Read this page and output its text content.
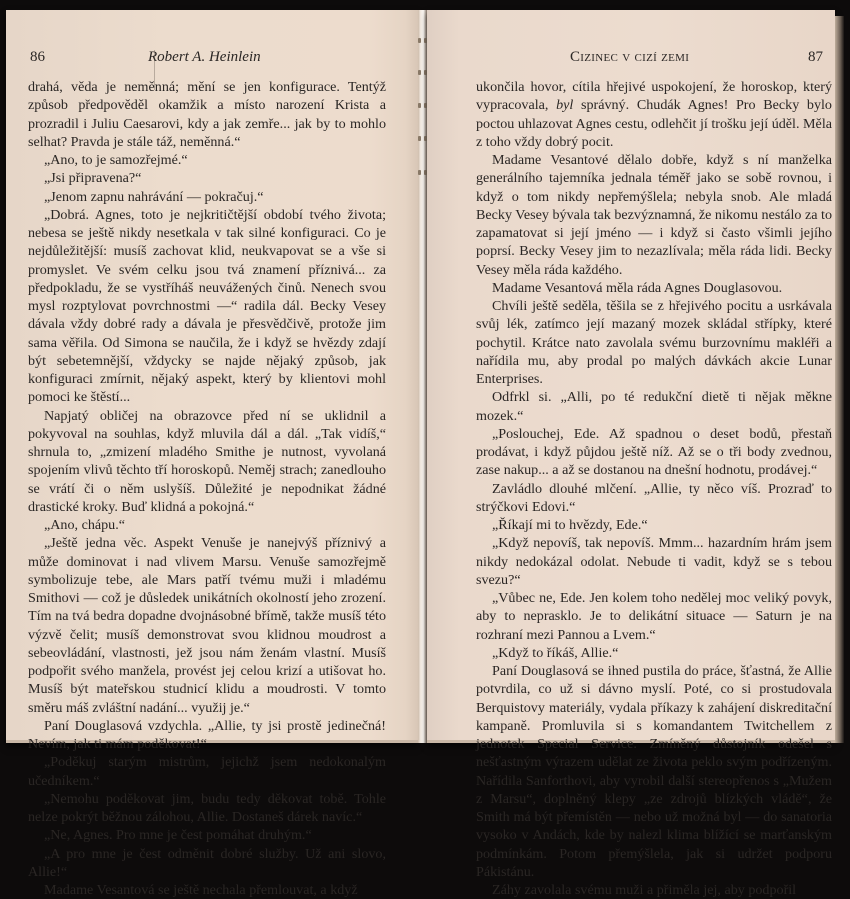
86	Robert A. Heinlein

drahá, věda je neměnná; mění se jen konfigurace. Tentýž způsob předpověděl okamžik a místo narození Krista a prozradil i Juliu Caesarovi, kdy a jak zemře... jak by to mohlo selhat? Pravda je stále táž, neměnná.“

„Ano, to je samozřejmé.“

„Jsi připravena?“

„Jenom zapnu nahrávání — pokračuj.“

„Dobrá. Agnes, toto je nejkritičtější období tvého života; nebesa se ještě nikdy nesetkala v tak silné konfiguraci. Co je nejdůležitější: musíš zachovat klid, neukvapovat se a vše si promyslet. Ve svém celku jsou tvá znamení příznivá... za předpokladu, že se vystříháš neuvážených činů. Nenech svou mysl rozptylovat povrchnostmi —“ radila dál. Becky Vesey dávala vždy dobré rady a dávala je přesvědčivě, protože jim sama věřila. Od Simona se naučila, že i když se hvězdy zdají být sebetemnější, vždycky se najde nějaký způsob, jak konfiguraci zmírnit, nějaký aspekt, který by klientovi mohl pomoci ke štěstí...

Napjatý obličej na obrazovce před ní se uklidnil a pokyvoval na souhlas, když mluvila dál a dál. „Tak vidíš,“ shrnula to, „zmizení mladého Smithe je nutnost, vyvolaná spojením vlivů těchto tří horoskopů. Neměj strach; zanedlouho se vrátí či o něm uslyšíš. Důležité je nepodnikat žádné drastické kroky. Buď klidná a pokojná.“

„Ano, chápu.“

„Ještě jedna věc. Aspekt Venuše je nanejvýš příznivý a může dominovat i nad vlivem Marsu. Venuše samozřejmě symbolizuje tebe, ale Mars patří tvému muži i mladému Smithovi — což je důsledek unikátních okolností jeho zrození. Tím na tvá bedra dopadne dvojnásobné břímě, takže musíš této výzvě čelit; musíš demonstrovat svou klidnou moudrost a sebeovládání, vlastnosti, jež jsou nám ženám vlastní. Musíš podpořit svého manžela, provést jej celou krizí a utišovat ho. Musíš být mateřskou studnicí klidu a moudrosti. V tomto směru máš zvláštní nadání... využij je.“

Paní Douglasová vzdychla. „Allie, ty jsi prostě jedinečná! Nevím, jak ti mám poděkovat!“

„Poděkuj starým mistrům, jejichž jsem nedokonalým učedníkem.“

„Nemohu poděkovat jim, budu tedy děkovat tobě. Tohle nelze pokrýt běžnou zálohou, Allie. Dostaneš dárek navíc.“

„Ne, Agnes. Pro mne je čest pomáhat druhým.“

„A pro mne je čest odměnit dobré služby. Už ani slovo, Allie!“

Madame Vesantová se ještě nechala přemlouvat, a když

Cizinec v cizí zemi	87

ukončila hovor, cítila hřejivé uspokojení, že horoskop, který vypracovala, byl správný. Chudák Agnes! Pro Becky bylo poctou uhlazovat Agnes cestu, odlehčit jí trošku její úděl. Měla z toho vždy dobrý pocit.

Madame Vesantové dělalo dobře, když s ní manželka generálního tajemníka jednala téměř jako se sobě rovnou, i když o tom nikdy nepřemýšlela; nebyla snob. Ale mladá Becky Vesey bývala tak bezvýznamná, že nikomu nestálo za to zapamatovat si její jméno — i když si často všimli jejího poprsí. Becky Vesey jim to nezazlívala; měla ráda lidi. Becky Vesey měla ráda každého.

Madame Vesantová měla ráda Agnes Douglasovou.

Chvíli ještě seděla, těšila se z hřejivého pocitu a usrkávala svůj lék, zatímco její mazaný mozek skládal střípky, které pochytil. Krátce nato zavolala svému burzovnímu makléři a nařídila mu, aby prodal po malých dávkách akcie Lunar Enterprises.

Odfrkl si. „Alli, po té redukční dietě ti nějak měkne mozek.“

„Poslouchej, Ede. Až spadnou o deset bodů, přestaň prodávat, i když půjdou ještě níž. Až se o tři body zvednou, zase nakup... a až se dostanou na dnešní hodnotu, prodávej.“

Zavládlo dlouhé mlčení. „Allie, ty něco víš. Prozraď to strýčkovi Edovi.“

„Říkají mi to hvězdy, Ede.“

„Když nepovíš, tak nepovíš. Mmm... hazardním hrám jsem nikdy nedokázal odolat. Nebude ti vadit, když se s tebou svezu?“

„Vůbec ne, Ede. Jen kolem toho nedělej moc veliký povyk, aby to neprasklo. Je to delikátní situace — Saturn je na rozhraní mezi Pannou a Lvem.“

„Když to říkáš, Allie.“

Paní Douglasová se ihned pustila do práce, šťastná, že Allie potvrdila, co už si dávno myslí. Poté, co si prostudovala Berquistovy materiály, vydala příkazy k zahájení diskreditační kampaně. Promluvila si s komandantem Twitchellem z jednotek Special Service. Zmíněný důstojník odešel s nešťastným výrazem udělat ze života peklo svým podřízeným. Nařídila Sanforthovi, aby vyrobil další stereopřenos s „Mužem z Marsu“, doplněný klepy „ze zdrojů blízkých vládě“, že Smith má být přemístěn — nebo už možná byl — do sanatoria vysoko v Andách, kde by nalezl klima blížící se marťanským podmínkám. Potom přemýšlela, jak si udržet podporu Pákistánu.

Záhy zavolala svému muži a přiměla jej, aby podpořil
